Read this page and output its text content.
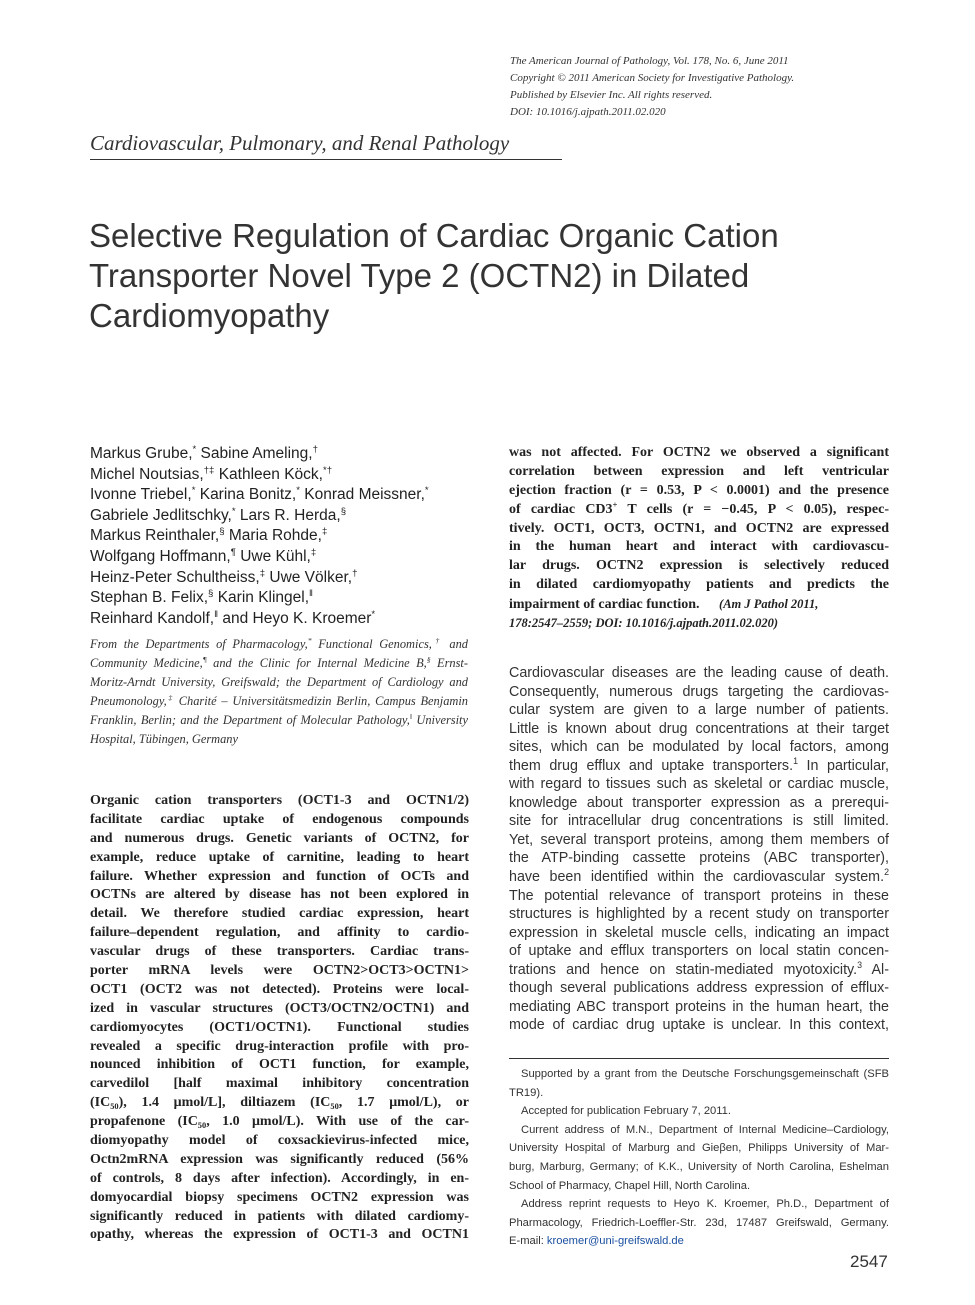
The American Journal of Pathology, Vol. 178, No. 6, June 2011
Copyright © 2011 American Society for Investigative Pathology.
Published by Elsevier Inc. All rights reserved.
DOI: 10.1016/j.ajpath.2011.02.020
Cardiovascular, Pulmonary, and Renal Pathology
Selective Regulation of Cardiac Organic Cation
Transporter Novel Type 2 (OCTN2) in Dilated
Cardiomyopathy
Markus Grube,* Sabine Ameling,†
Michel Noutsias,†‡ Kathleen Köck,*†
Ivonne Triebel,* Karina Bonitz,* Konrad Meissner,*
Gabriele Jedlitschky,* Lars R. Herda,§
Markus Reinthaler,§ Maria Rohde,‡
Wolfgang Hoffmann,¶ Uwe Kühl,‡
Heinz-Peter Schultheiss,‡ Uwe Völker,†
Stephan B. Felix,§ Karin Klingel,‖
Reinhard Kandolf,‖ and Heyo K. Kroemer*
From the Departments of Pharmacology,* Functional Genomics,† and Community Medicine,¶ and the Clinic for Internal Medicine B,§ Ernst-Moritz-Arndt University, Greifswald; the Department of Cardiology and Pneumonology,‡ Charité – Universitätsmedizin Berlin, Campus Benjamin Franklin, Berlin; and the Department of Molecular Pathology,‖ University Hospital, Tübingen, Germany
Organic cation transporters (OCT1-3 and OCTN1/2)
facilitate cardiac uptake of endogenous compounds
and numerous drugs. Genetic variants of OCTN2, for
example, reduce uptake of carnitine, leading to heart
failure. Whether expression and function of OCTs and
OCTNs are altered by disease has not been explored in
detail. We therefore studied cardiac expression, heart
failure–dependent regulation, and affinity to cardio-
vascular drugs of these transporters. Cardiac trans-
porter mRNA levels were OCTN2>OCT3>OCTN1>
OCT1 (OCT2 was not detected). Proteins were local-
ized in vascular structures (OCT3/OCTN2/OCTN1) and
cardiomyocytes (OCT1/OCTN1). Functional studies
revealed a specific drug-interaction profile with pro-
nounced inhibition of OCT1 function, for example,
carvedilol [half maximal inhibitory concentration
(IC₅₀), 1.4 μmol/L], diltiazem (IC₅₀, 1.7 μmol/L), or
propafenone (IC₅₀, 1.0 μmol/L). With use of the car-
diomyopathy model of coxsackievirus-infected mice,
Octn2mRNA expression was significantly reduced (56%
of controls, 8 days after infection). Accordingly, in en-
domyocardial biopsy specimens OCTN2 expression was
significantly reduced in patients with dilated cardiomy-
opathy, whereas the expression of OCT1-3 and OCTN1
was not affected. For OCTN2 we observed a significant
correlation between expression and left ventricular
ejection fraction (r = 0.53, P < 0.0001) and the presence
of cardiac CD3+ T cells (r = −0.45, P < 0.05), respec-
tively. OCT1, OCT3, OCTN1, and OCTN2 are expressed
in the human heart and interact with cardiovascu-
lar drugs. OCTN2 expression is selectively reduced
in dilated cardiomyopathy patients and predicts the
impairment of cardiac function. (Am J Pathol 2011,
178:2547–2559; DOI: 10.1016/j.ajpath.2011.02.020)
Cardiovascular diseases are the leading cause of death.
Consequently, numerous drugs targeting the cardiovas-
cular system are given to a large number of patients.
Little is known about drug concentrations at their target
sites, which can be modulated by local factors, among
them drug efflux and uptake transporters.$^1$ In particular,
with regard to tissues such as skeletal or cardiac muscle,
knowledge about transporter expression as a prerequi-
site for intracellular drug concentrations is still limited.
Yet, several transport proteins, among them members of
the ATP-binding cassette proteins (ABC transporter),
have been identified within the cardiovascular system.$^2$
The potential relevance of transport proteins in these
structures is highlighted by a recent study on transporter
expression in skeletal muscle cells, indicating an impact
of uptake and efflux transporters on local statin concen-
trations and hence on statin-mediated myotoxicity.$^3$ Al-
though several publications address expression of efflux-
mediating ABC transport proteins in the human heart, the
mode of cardiac drug uptake is unclear. In this context,
Supported by a grant from the Deutsche Forschungsgemeinschaft (SFB
TR19).
Accepted for publication February 7, 2011.
Current address of M.N., Department of Internal Medicine–Cardiology,
University Hospital of Marburg and Gieβen, Philipps University of Mar-
burg, Marburg, Germany; of K.K., University of North Carolina, Eshelman
School of Pharmacy, Chapel Hill, North Carolina.
Address reprint requests to Heyo K. Kroemer, Ph.D., Department of
Pharmacology, Friedrich-Loeffler-Str. 23d, 17487 Greifswald, Germany.
E-mail: kroemer@uni-greifswald.de
2547
